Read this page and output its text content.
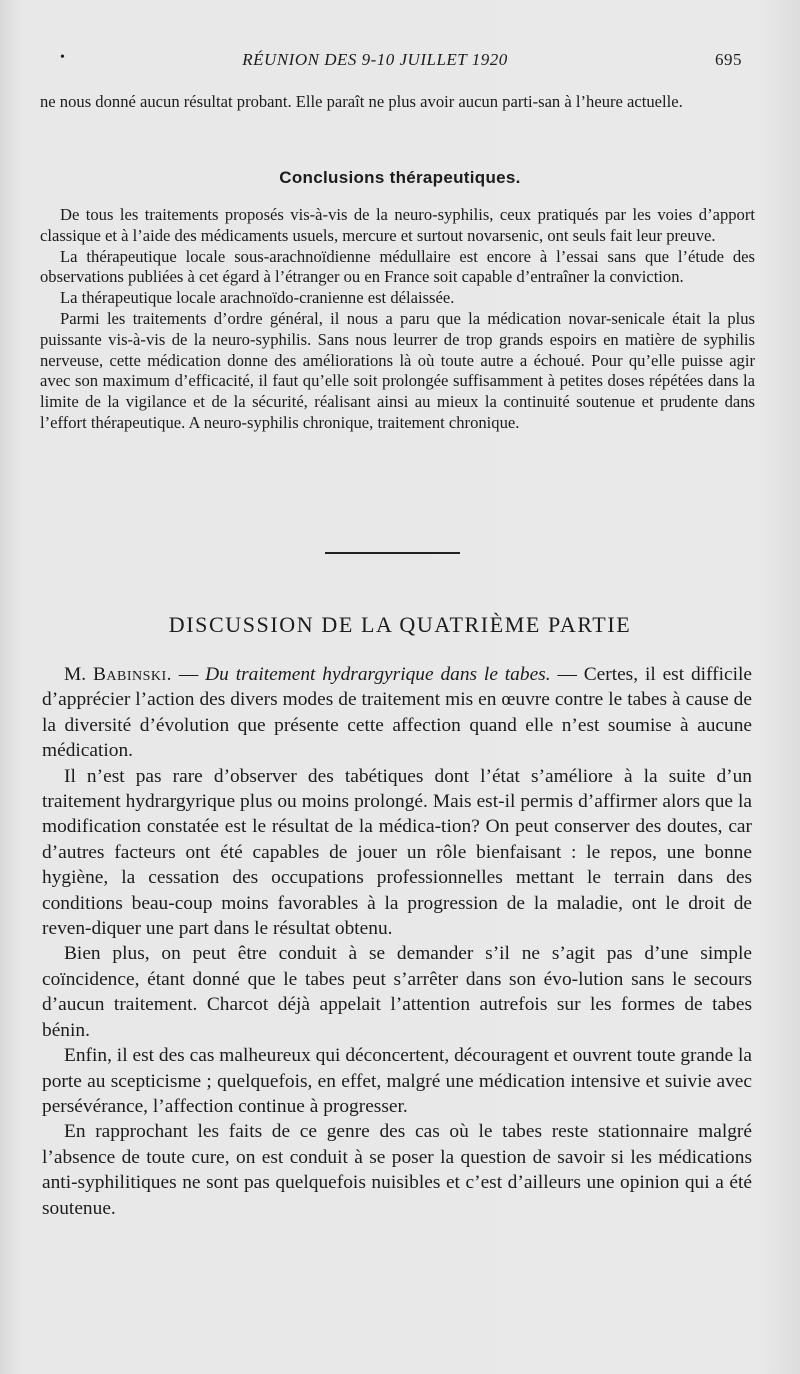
•	RÉUNION DES 9-10 JUILLET 1920	695

ne nous donné aucun résultat probant. Elle paraît ne plus avoir aucun parti-san à l’heure actuelle.

Conclusions thérapeutiques.

De tous les traitements proposés vis-à-vis de la neuro-syphilis, ceux pratiqués par les voies d’apport classique et à l’aide des médicaments usuels, mercure et surtout novarsenic, ont seuls fait leur preuve.

La thérapeutique locale sous-arachnoïdienne médullaire est encore à l’essai sans que l’étude des observations publiées à cet égard à l’étranger ou en France soit capable d’entraîner la conviction.

La thérapeutique locale arachnoïdo-cranienne est délaissée.

Parmi les traitements d’ordre général, il nous a paru que la médication novar-senicale était la plus puissante vis-à-vis de la neuro-syphilis. Sans nous leurrer de trop grands espoirs en matière de syphilis nerveuse, cette médication donne des améliorations là où toute autre a échoué. Pour qu’elle puisse agir avec son maximum d’efficacité, il faut qu’elle soit prolongée suffisamment à petites doses répétées dans la limite de la vigilance et de la sécurité, réalisant ainsi au mieux la continuité soutenue et prudente dans l’effort thérapeutique. A neuro-syphilis chronique, traitement chronique.

DISCUSSION DE LA QUATRIÈME PARTIE

M. Babinski. — Du traitement hydrargyrique dans le tabes. — Certes, il est difficile d’apprécier l’action des divers modes de traitement mis en œuvre contre le tabes à cause de la diversité d’évolution que présente cette affection quand elle n’est soumise à aucune médication.

Il n’est pas rare d’observer des tabétiques dont l’état s’améliore à la suite d’un traitement hydrargyrique plus ou moins prolongé. Mais est-il permis d’affirmer alors que la modification constatée est le résultat de la médica-tion? On peut conserver des doutes, car d’autres facteurs ont été capables de jouer un rôle bienfaisant : le repos, une bonne hygiène, la cessation des occupations professionnelles mettant le terrain dans des conditions beau-coup moins favorables à la progression de la maladie, ont le droit de reven-diquer une part dans le résultat obtenu.

Bien plus, on peut être conduit à se demander s’il ne s’agit pas d’une simple coïncidence, étant donné que le tabes peut s’arrêter dans son évo-lution sans le secours d’aucun traitement. Charcot déjà appelait l’attention autrefois sur les formes de tabes bénin.

Enfin, il est des cas malheureux qui déconcertent, découragent et ouvrent toute grande la porte au scepticisme ; quelquefois, en effet, malgré une médication intensive et suivie avec persévérance, l’affection continue à progresser.

En rapprochant les faits de ce genre des cas où le tabes reste stationnaire malgré l’absence de toute cure, on est conduit à se poser la question de savoir si les médications anti-syphilitiques ne sont pas quelquefois nuisibles et c’est d’ailleurs une opinion qui a été soutenue.
